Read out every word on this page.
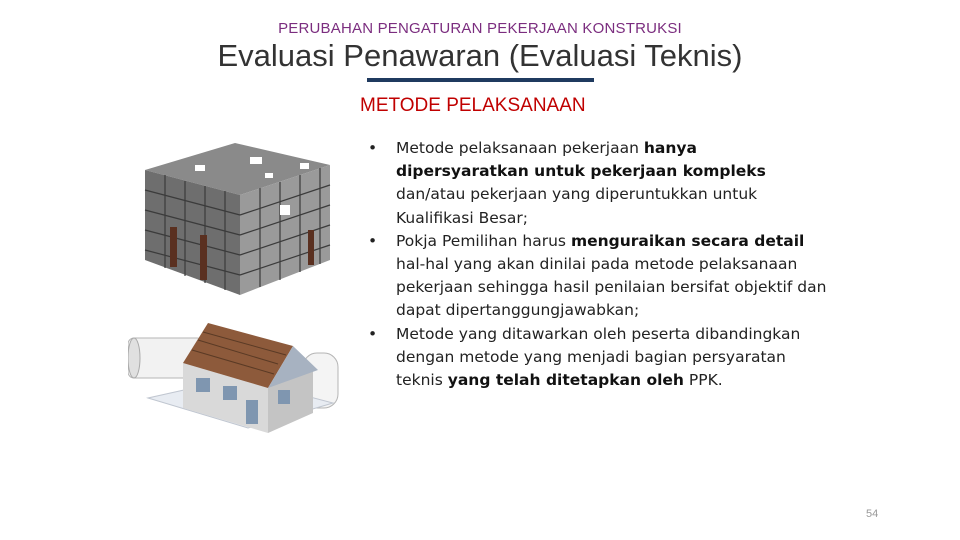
PERUBAHAN PENGATURAN PEKERJAAN KONSTRUKSI
Evaluasi Penawaran (Evaluasi Teknis)
METODE PELAKSANAAN
• Metode pelaksanaan pekerjaan hanya dipersyaratkan untuk pekerjaan kompleks dan/atau pekerjaan yang diperuntukkan untuk Kualifikasi Besar;
• Pokja Pemilihan harus menguraikan secara detail hal-hal yang akan dinilai pada metode pelaksanaan pekerjaan sehingga hasil penilaian bersifat objektif dan dapat dipertanggungjawabkan;
• Metode yang ditawarkan oleh peserta dibandingkan dengan metode yang menjadi bagian persyaratan teknis yang telah ditetapkan oleh PPK.
54
